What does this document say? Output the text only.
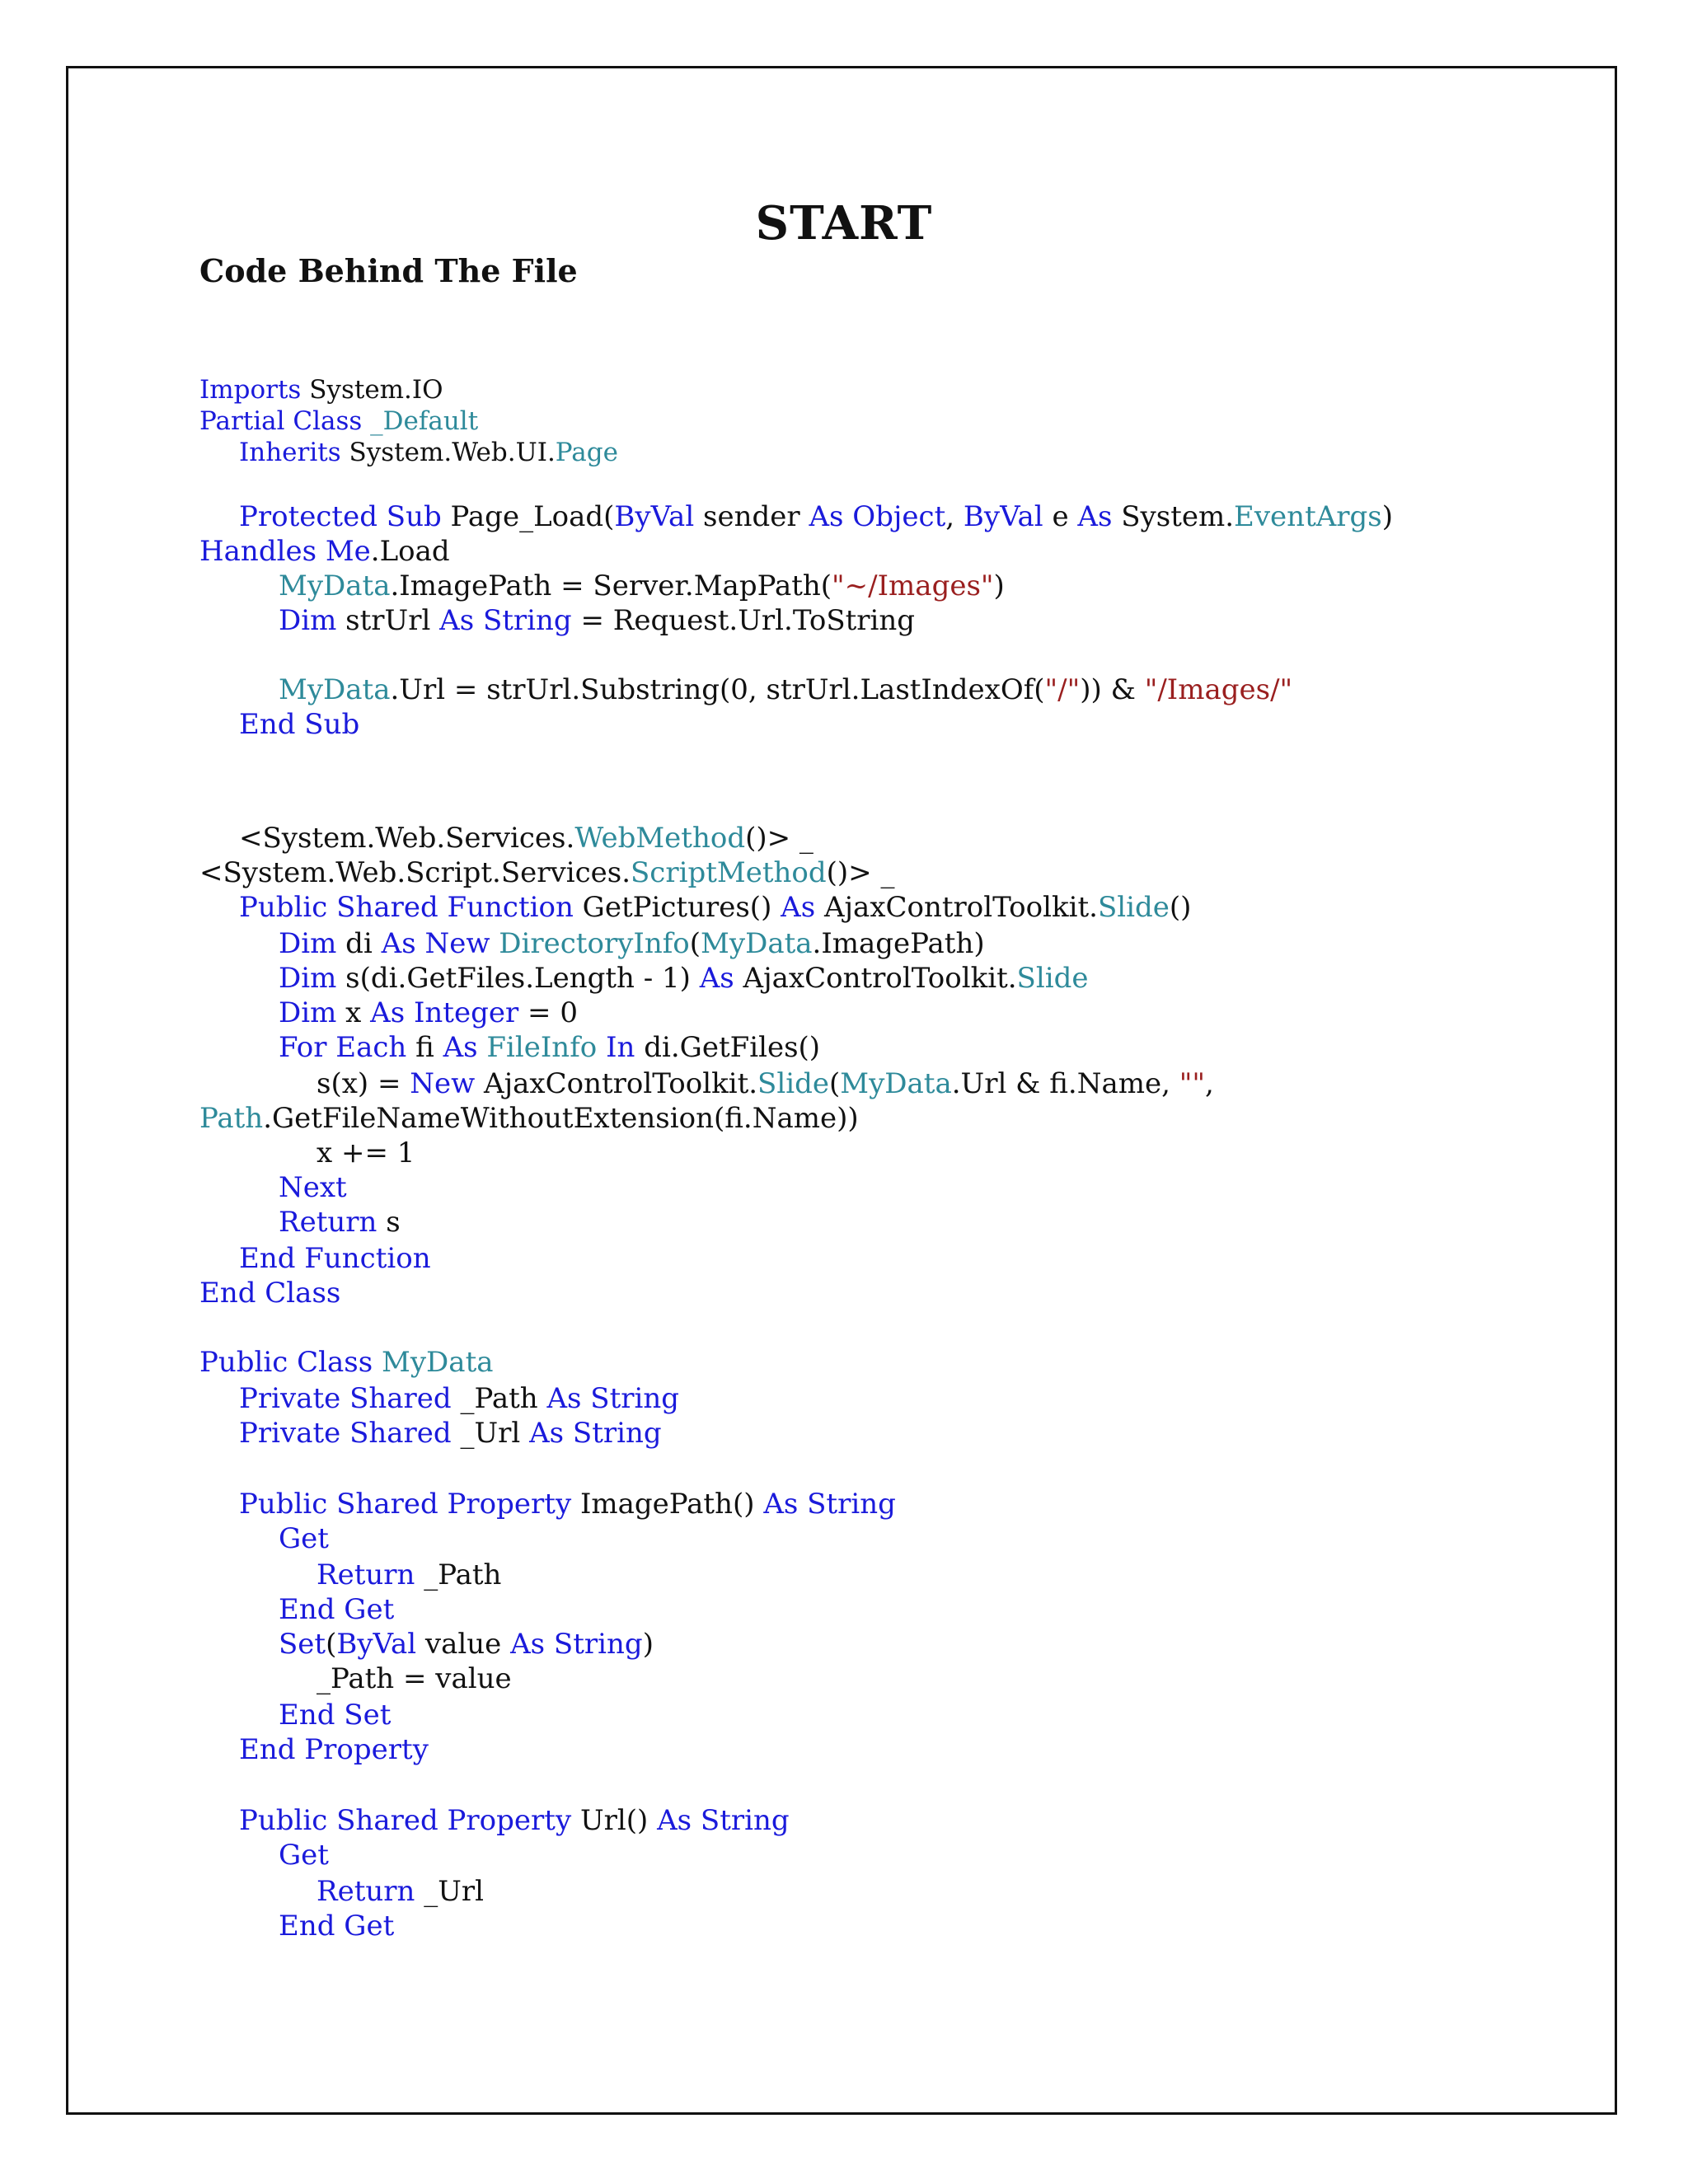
START
Code Behind The File
Imports System.IO
Partial Class _Default
Inherits System.Web.UI.Page
Protected Sub Page_Load(ByVal sender As Object, ByVal e As System.EventArgs)
Handles Me.Load
MyData.ImagePath = Server.MapPath("~/Images")
Dim strUrl As String = Request.Url.ToString
MyData.Url = strUrl.Substring(0, strUrl.LastIndexOf("/")) & "/Images/"
End Sub
<System.Web.Services.WebMethod()> _
<System.Web.Script.Services.ScriptMethod()> _
Public Shared Function GetPictures() As AjaxControlToolkit.Slide()
Dim di As New DirectoryInfo(MyData.ImagePath)
Dim s(di.GetFiles.Length - 1) As AjaxControlToolkit.Slide
Dim x As Integer = 0
For Each fi As FileInfo In di.GetFiles()
s(x) = New AjaxControlToolkit.Slide(MyData.Url & fi.Name, "",
Path.GetFileNameWithoutExtension(fi.Name))
x += 1
Next
Return s
End Function
End Class
Public Class MyData
Private Shared _Path As String
Private Shared _Url As String
Public Shared Property ImagePath() As String
Get
Return _Path
End Get
Set(ByVal value As String)
_Path = value
End Set
End Property
Public Shared Property Url() As String
Get
Return _Url
End Get
